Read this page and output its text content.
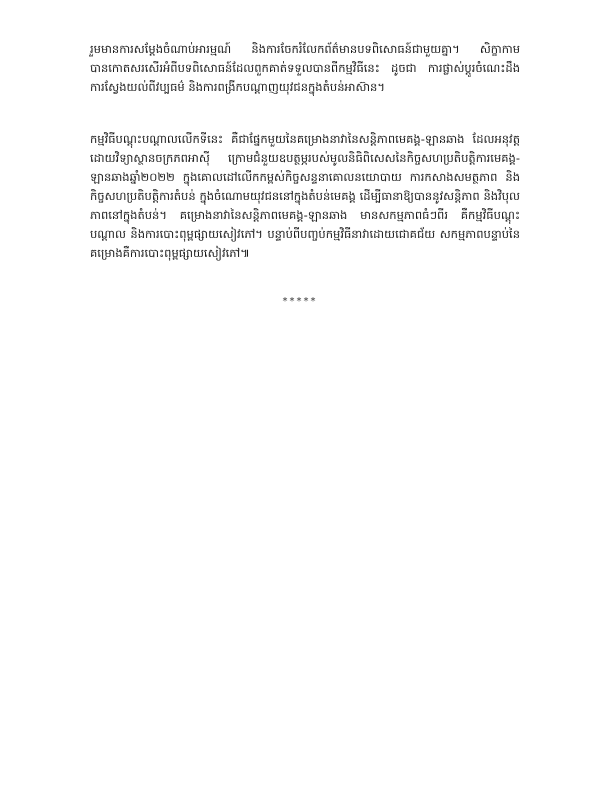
រួមមានការសម្ដែងចំណាប់អារម្មណ៍ និងការចែករំលែកព័ត៌មានបទពិសោធន៍ជាមួយគ្នា។ សិក្ខាកាមបានកោតសរសើរអំពីបទពិសោធន៍ដែលពួកគាត់ទទួលបានពីកម្មវិធីនេះ ដូចជា ការផ្លាស់ប្តូរចំណេះដឹង ការស្វែងយល់ពីវប្បធម៌ និងការពង្រីកបណ្ដាញយុវជនក្នុងតំបន់អាស៊ាន។

កម្មវិធីបណ្តុះបណ្តាលលើកទីនេះ គឺជាផ្នែកមួយនៃគម្រោងនាវានៃសន្តិភាពមេគង្គ-ឡានឆាង ដែលអនុវត្តដោយវិទ្យាស្ថានចក្រភពអាស៊ី ក្រោមជំនួយឧបត្ថម្ភរបស់មូលនិធិពិសេសនៃកិច្ចសហប្រតិបត្តិការមេគង្គ-ឡានឆាងឆ្នាំ២០២២ ក្នុងគោលដៅលើកកម្ពស់កិច្ចសន្ទនាគោលនយោបាយ ការកសាងសមត្ថភាព និងកិច្ចសហប្រតិបត្តិការតំបន់ ក្នុងចំណោមយុវជននៅក្នុងតំបន់មេគង្គ ដើម្បីធានាឱ្យបាននូវសន្តិភាព និងវិបុលភាពនៅក្នុងតំបន់។ គម្រោងនាវានៃសន្តិភាពមេគង្គ-ឡានឆាង មានសកម្មភាពធំៗពីរ គឺកម្មវិធីបណ្តុះបណ្តាល និងការបោះពុម្ពផ្សាយសៀវភៅ។ បន្ទាប់ពីបញ្ចប់កម្មវិធីនាវាដោយជោគជ័យ សកម្មភាពបន្ទាប់នៃគម្រោងគឺការបោះពុម្ពផ្សាយសៀវភៅ៕

*****
